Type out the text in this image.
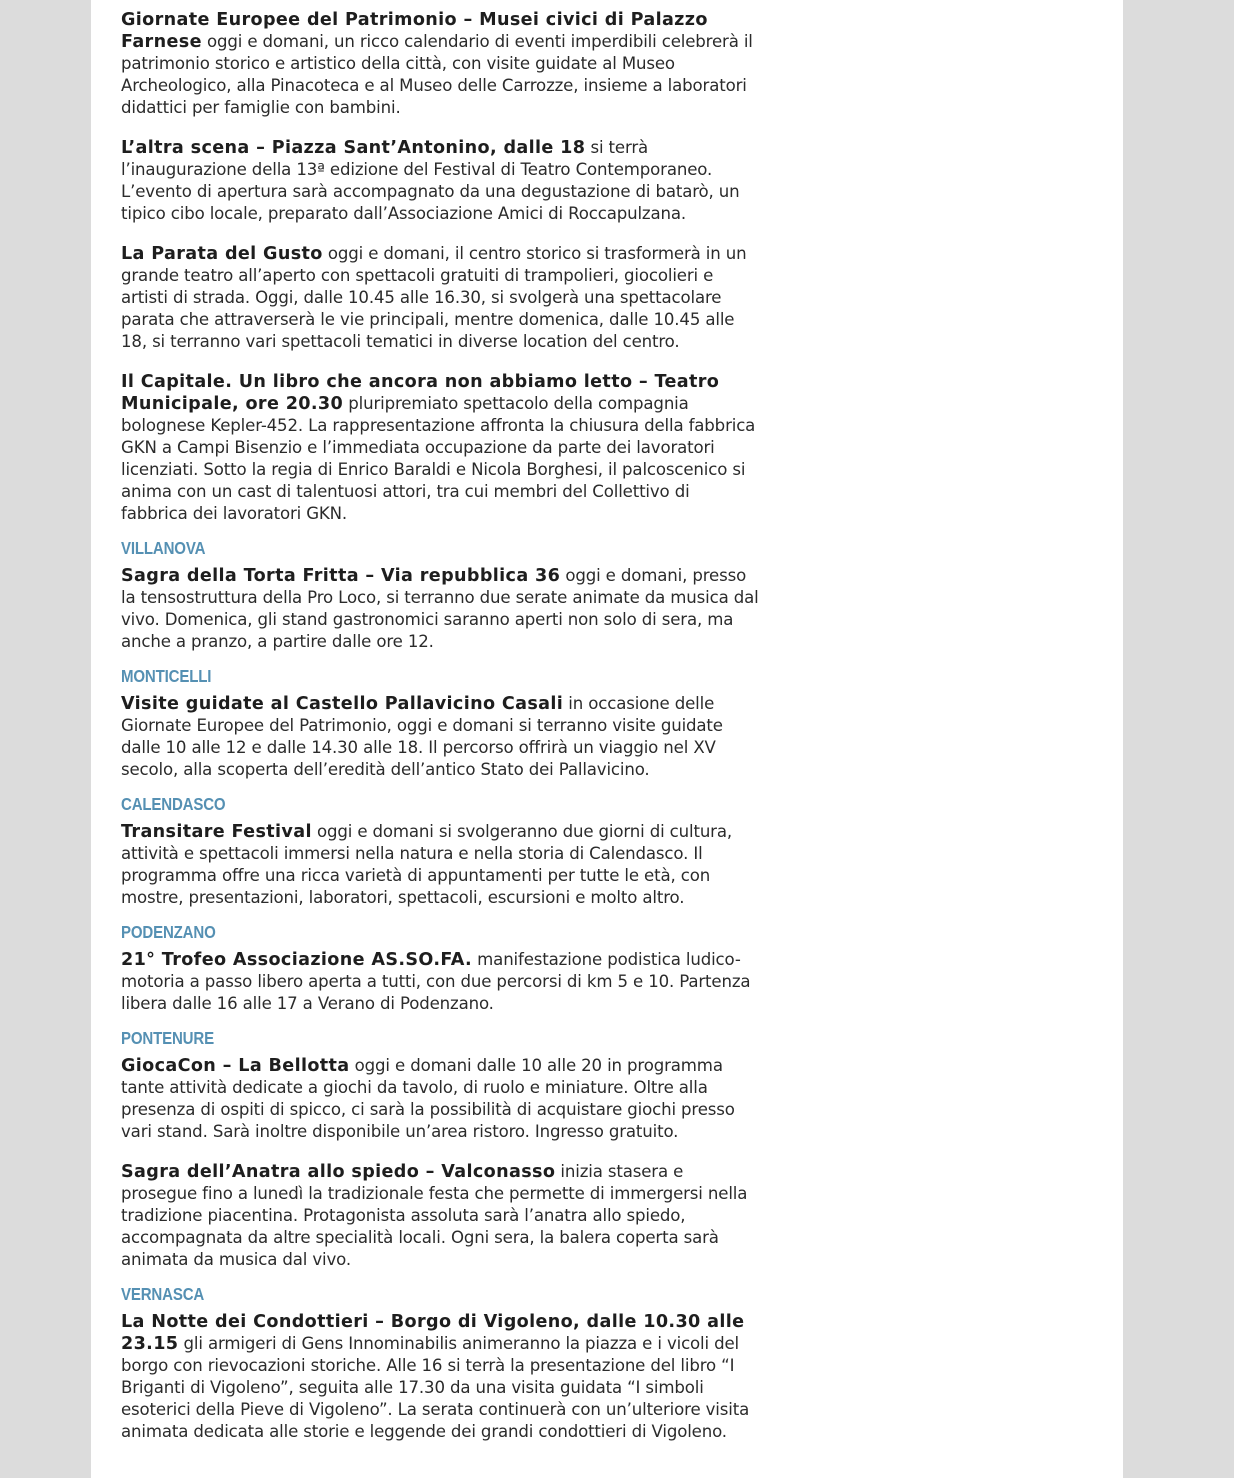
Giornate Europee del Patrimonio – Musei civici di Palazzo Farnese oggi e domani, un ricco calendario di eventi imperdibili celebrerà il patrimonio storico e artistico della città, con visite guidate al Museo Archeologico, alla Pinacoteca e al Museo delle Carrozze, insieme a laboratori didattici per famiglie con bambini.

L’altra scena – Piazza Sant’Antonino, dalle 18 si terrà l’inaugurazione della 13ª edizione del Festival di Teatro Contemporaneo. L’evento di apertura sarà accompagnato da una degustazione di batarò, un tipico cibo locale, preparato dall’Associazione Amici di Roccapulzana.

La Parata del Gusto oggi e domani, il centro storico si trasformerà in un grande teatro all’aperto con spettacoli gratuiti di trampolieri, giocolieri e artisti di strada. Oggi, dalle 10.45 alle 16.30, si svolgerà una spettacolare parata che attraverserà le vie principali, mentre domenica, dalle 10.45 alle 18, si terranno vari spettacoli tematici in diverse location del centro.

Il Capitale. Un libro che ancora non abbiamo letto – Teatro Municipale, ore 20.30 pluripremiato spettacolo della compagnia bolognese Kepler-452. La rappresentazione affronta la chiusura della fabbrica GKN a Campi Bisenzio e l’immediata occupazione da parte dei lavoratori licenziati. Sotto la regia di Enrico Baraldi e Nicola Borghesi, il palcoscenico si anima con un cast di talentuosi attori, tra cui membri del Collettivo di fabbrica dei lavoratori GKN.

VILLANOVA

Sagra della Torta Fritta – Via repubblica 36 oggi e domani, presso la tensostruttura della Pro Loco, si terranno due serate animate da musica dal vivo. Domenica, gli stand gastronomici saranno aperti non solo di sera, ma anche a pranzo, a partire dalle ore 12.

MONTICELLI

Visite guidate al Castello Pallavicino Casali in occasione delle Giornate Europee del Patrimonio, oggi e domani si terranno visite guidate dalle 10 alle 12 e dalle 14.30 alle 18. Il percorso offrirà un viaggio nel XV secolo, alla scoperta dell’eredità dell’antico Stato dei Pallavicino.

CALENDASCO

Transitare Festival oggi e domani si svolgeranno due giorni di cultura, attività e spettacoli immersi nella natura e nella storia di Calendasco. Il programma offre una ricca varietà di appuntamenti per tutte le età, con mostre, presentazioni, laboratori, spettacoli, escursioni e molto altro.

PODENZANO

21° Trofeo Associazione AS.SO.FA. manifestazione podistica ludico-motoria a passo libero aperta a tutti, con due percorsi di km 5 e 10. Partenza libera dalle 16 alle 17 a Verano di Podenzano.

PONTENURE

GiocaCon – La Bellotta oggi e domani dalle 10 alle 20 in programma tante attività dedicate a giochi da tavolo, di ruolo e miniature. Oltre alla presenza di ospiti di spicco, ci sarà la possibilità di acquistare giochi presso vari stand. Sarà inoltre disponibile un’area ristoro. Ingresso gratuito.

Sagra dell’Anatra allo spiedo – Valconasso inizia stasera e prosegue fino a lunedì la tradizionale festa che permette di immergersi nella tradizione piacentina. Protagonista assoluta sarà l’anatra allo spiedo, accompagnata da altre specialità locali. Ogni sera, la balera coperta sarà animata da musica dal vivo.

VERNASCA

La Notte dei Condottieri – Borgo di Vigoleno, dalle 10.30 alle 23.15 gli armigeri di Gens Innominabilis animeranno la piazza e i vicoli del borgo con rievocazioni storiche. Alle 16 si terrà la presentazione del libro “I Briganti di Vigoleno”, seguita alle 17.30 da una visita guidata “I simboli esoterici della Pieve di Vigoleno”. La serata continuerà con un’ulteriore visita animata dedicata alle storie e leggende dei grandi condottieri di Vigoleno.
